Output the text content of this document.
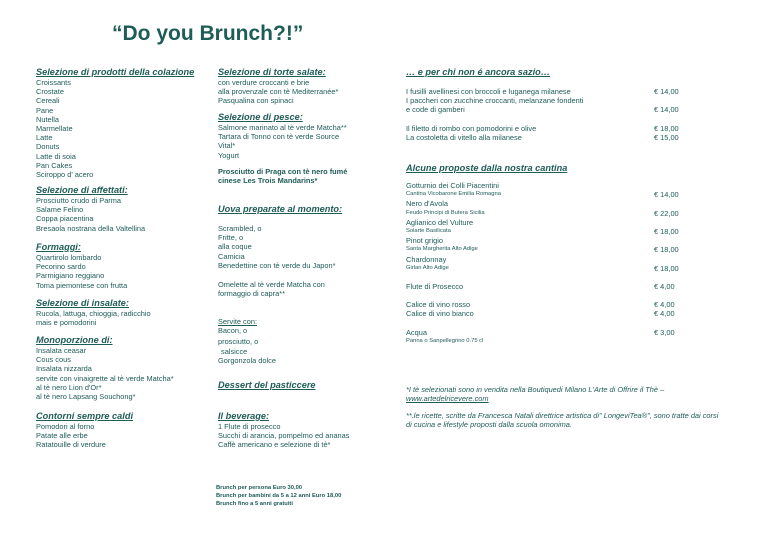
“Do you Brunch?!”
Selezione di prodotti della colazione
Croissants
Crostate
Cereali
Pane
Nutella
Marmellate
Latte
Donuts
Latte di soia
Pan Cakes
Sciroppo d' acero
Selezione di affettati:
Prosciutto crudo di Parma
Salame Felino
Coppa piacentina
Bresaola nostrana della Valtellina
Formaggi:
Quartirolo lombardo
Pecorino sardo
Parmigiano reggiano
Toma piemontese con frutta
Selezione di insalate:
Rucola, lattuga, chioggia, radicchio
mais e pomodorini
Monoporzione di:
Insalata ceasar
Cous cous
Insalata nizzarda
servite con vinaigrette al tè verde Matcha*
al tè nero Lion d'Or*
al tè nero Lapsang Souchong*
Contorni sempre caldi
Pomodori al forno
Patate alle erbe
Ratatouille di verdure
Selezione di torte salate:
con verdure croccanti e brie
alla provenzale con tè Mediterranée*
Pasqualina con spinaci
Selezione di pesce:
Salmone marinato al tè verde Matcha**
Tartara di Tonno con tè verde Source
Vital*
Yogurt
Prosciutto di Praga con tè nero fumé
cinese Les Trois Mandarins*
Uova preparate al momento:
Scrambled, o
Fritte, o
alla coque
Camicia
Benedettine con tè verde du Japon*
Omelette al tè verde Matcha con
formaggio di capra**
Servite con:
Bacon, o
prosciutto, o
salsicce
Gorgonzola dolce
Dessert del pasticcere
Il beverage:
1 Flute di prosecco
Succhi di arancia, pompelmo ed ananas
Caffè americano e selezione di tè*
Brunch per persona Euro 30,00
Brunch per bambini da 5 a 12 anni Euro 18,00
Brunch fino a 5 anni gratuiti
… e per chi non é ancora sazio…
I fusilli avellinesi con broccoli e luganega milanese	€ 14,00
I paccheri con zucchine croccanti, melanzane fondenti
e code di gamberi	€ 14,00
Il filetto di rombo con pomodorini e olive	€ 18,00
La costoletta di vitello alla milanese	€ 15,00
Alcune proposte dalla nostra cantina
Gotturnio dei Colli Piacentini
Cantina Vicobarone Emilia Romagna	€ 14,00
Nero d'Avola
Feudo Principi di Butera Sicilia	€ 22,00
Aglianico del Vulture
Solarte Basilicata	€ 18,00
Pinot grigio
Santa Margherita Alto Adige	€ 18,00
Chardonnay
Girlan Alto Adige	€ 18,00
Flute di Prosecco	€ 4,00
Calice di vino rosso	€ 4,00
Calice di vino bianco	€ 4,00
Acqua	€ 3,00
Panna o Sanpellegrino 0.75 cl
*I tè selezionati sono in vendita nella Boutiquedi Milano L'Arte di Offrire il Thè –
www.artedelricevere.com
**.le ricette, scritte da Francesca Natali direttrice artistica di" LongeviTea®", sono tratte dai corsi di cucina e lifestyle proposti dalla scuola omonima.
